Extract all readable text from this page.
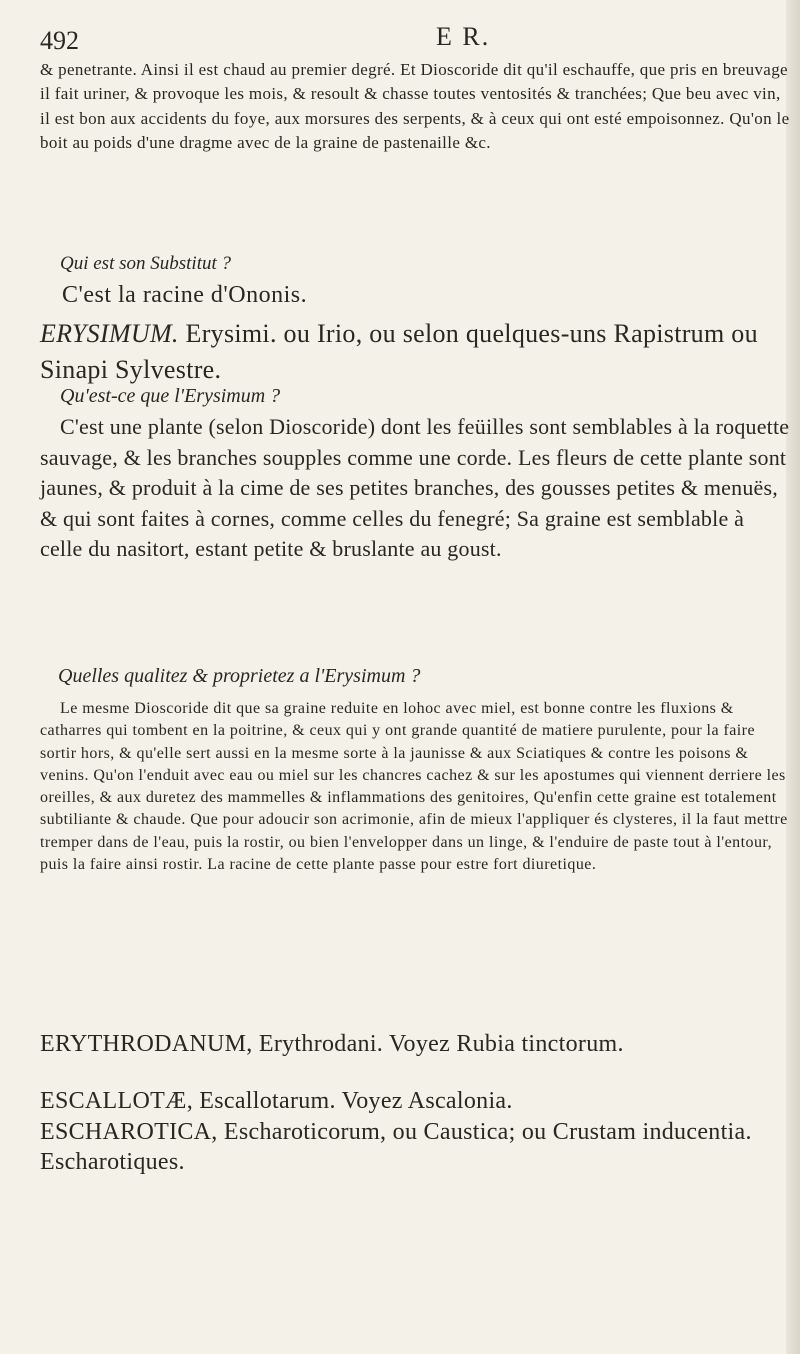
492	E R.

& penetrante. Ainsi il est chaud au premier degré. Et Dioscoride dit qu'il eschauffe, que pris en breuvage il fait uriner, & provoque les mois, & resoult & chasse toutes ventosités & tranchées; Que beu avec vin, il est bon aux accidents du foye, aux morsures des serpents, & à ceux qui ont esté empoisonnez. Qu'on le boit au poids d'une dragme avec de la graine de pastenaille &c.

Qui est son Substitut ?

C'est la racine d'Ononis.

ERYSIMUM. Erysimi. ou Irio, ou selon quelques-uns Rapistrum ou Sinapi Sylvestre.

Qu'est-ce que l'Erysimum ?

C'est une plante (selon Dioscoride) dont les feüilles sont semblables à la roquette sauvage, & les branches soupples comme une corde. Les fleurs de cette plante sont jaunes, & produit à la cime de ses petites branches, des gousses petites & menuës, & qui sont faites à cornes, comme celles du fenegré; Sa graine est semblable à celle du nasitort, estant petite & bruslante au goust.

Quelles qualitez & proprietez a l'Erysimum ?

Le mesme Dioscoride dit que sa graine reduite en lohoc avec miel, est bonne contre les fluxions & catharres qui tombent en la poitrine, & ceux qui y ont grande quantité de matiere purulente, pour la faire sortir hors, & qu'elle sert aussi en la mesme sorte à la jaunisse & aux Sciatiques & contre les poisons & venins. Qu'on l'enduit avec eau ou miel sur les chancres cachez & sur les apostumes qui viennent derriere les oreilles, & aux duretez des mammelles & inflammations des genitoires, Qu'enfin cette graine est totalement subtiliante & chaude. Que pour adoucir son acrimonie, afin de mieux l'appliquer és clysteres, il la faut mettre tremper dans de l'eau, puis la rostir, ou bien l'envelopper dans un linge, & l'enduire de paste tout à l'entour, puis la faire ainsi rostir. La racine de cette plante passe pour estre fort diuretique.

ERYTHRODANUM, Erythrodani. Voyez Rubia tinctorum.

ESCALLOTÆ, Escallotarum. Voyez Ascalonia.
ESCHAROTICA, Escharoticorum, ou Caustica; ou Crustam inducentia. Escharotiques.
